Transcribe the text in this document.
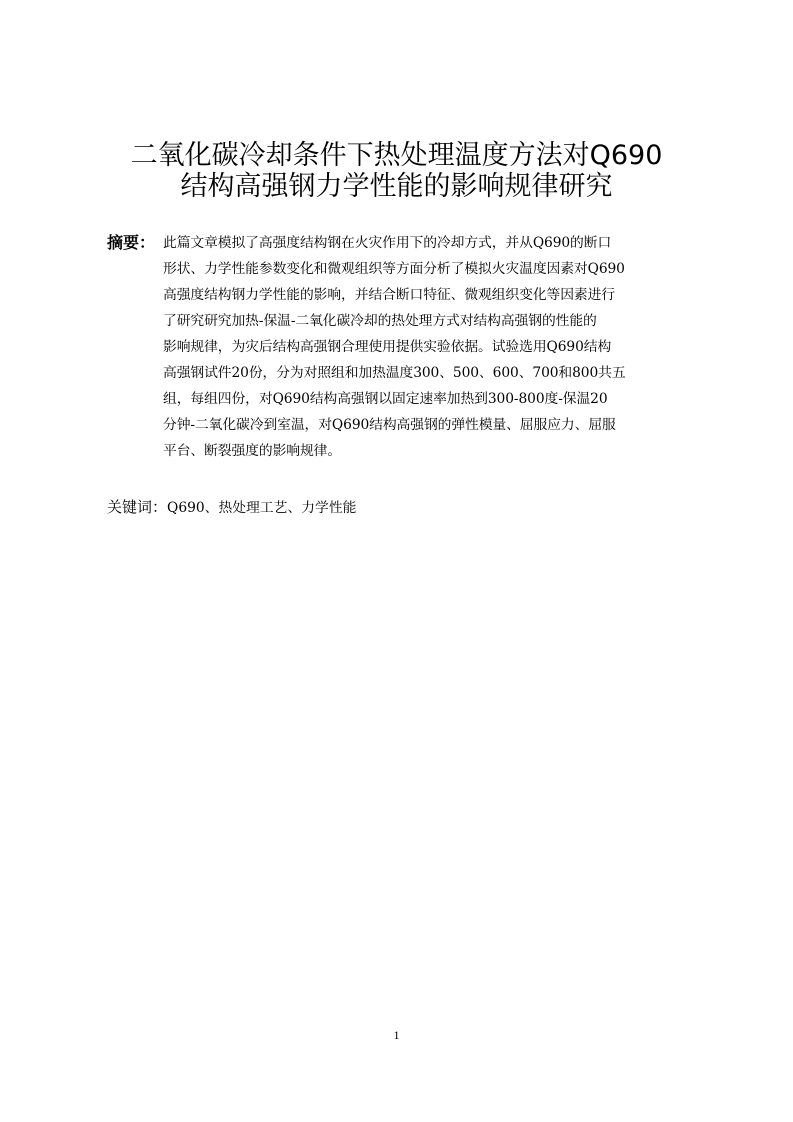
二氧化碳冷却条件下热处理温度方法对Q690
结构高强钢力学性能的影响规律研究
摘要： 此篇文章模拟了高强度结构钢在火灾作用下的冷却方式，并从Q690的断口
形状、力学性能参数变化和微观组织等方面分析了模拟火灾温度因素对Q690
高强度结构钢力学性能的影响，并结合断口特征、微观组织变化等因素进行
了研究研究加热-保温-二氧化碳冷却的热处理方式对结构高强钢的性能的
影响规律，为灾后结构高强钢合理使用提供实验依据。试验选用Q690结构
高强钢试件20份，分为对照组和加热温度300、500、600、700和800共五
组，每组四份，对Q690结构高强钢以固定速率加热到300-800度-保温20
分钟-二氧化碳冷到室温，对Q690结构高强钢的弹性模量、屈服应力、屈服
平台、断裂强度的影响规律。
关键词：Q690、热处理工艺、力学性能
1
